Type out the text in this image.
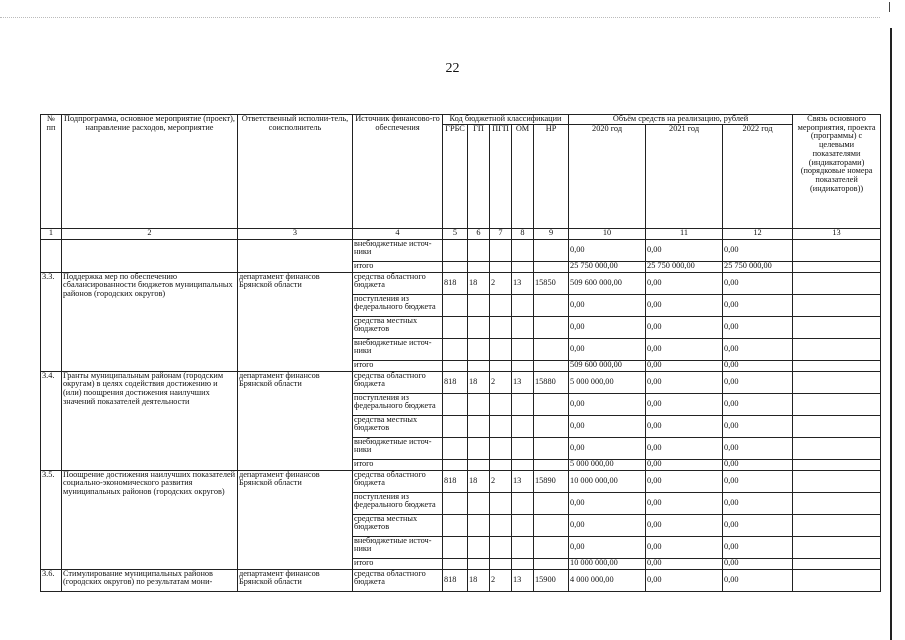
22
№ пп	Подпрограмма, основное мероприятие (проект), направление расходов, мероприятие	Ответственный исполни-тель, соисполнитель	Источник финансово-го обеспечения	Код бюджетной классификации					Объём средств на реализацию, рублей			Связь основного мероприятия, проекта (программы) с целевыми показателями (индикаторами) (порядковые номера показателей (индикаторов))
				ГРБС	ГП	ПГП	ОМ	НР	2020 год	2021 год	2022 год	
1	2	3	4	5	6	7	8	9	10	11	12	13
			внебюджетные источ-ники						0,00	0,00	0,00	
			итого						25 750 000,00	25 750 000,00	25 750 000,00	
3.3.	Поддержка мер по обеспечению сбалансированности бюджетов муниципальных районов (городских округов)	департамент финансов Брянской области	средства областного бюджета	818	18	2	13	15850	509 600 000,00	0,00	0,00	
			поступления из федерального бюджета						0,00	0,00	0,00	
			средства местных бюджетов						0,00	0,00	0,00	
			внебюджетные источ-ники						0,00	0,00	0,00	
			итого						509 600 000,00	0,00	0,00	
3.4.	Гранты муниципальным районам (городским округам) в целях содействия достижению и (или) поощрения достижения наилучших значений показателей деятельности	департамент финансов Брянской области	средства областного бюджета	818	18	2	13	15880	5 000 000,00	0,00	0,00	
			поступления из федерального бюджета						0,00	0,00	0,00	
			средства местных бюджетов						0,00	0,00	0,00	
			внебюджетные источ-ники						0,00	0,00	0,00	
			итого						5 000 000,00	0,00	0,00	
3.5.	Поощрение достижения наилучших показателей социально-экономического развития муниципальных районов (городских округов)	департамент финансов Брянской области	средства областного бюджета	818	18	2	13	15890	10 000 000,00	0,00	0,00	
			поступления из федерального бюджета						0,00	0,00	0,00	
			средства местных бюджетов						0,00	0,00	0,00	
			внебюджетные источ-ники						0,00	0,00	0,00	
			итого						10 000 000,00	0,00	0,00	
3.6.	Стимулирование муниципальных районов (городских округов) по результатам мони-	департамент финансов Брянской области	средства областного бюджета	818	18	2	13	15900	4 000 000,00	0,00	0,00	
